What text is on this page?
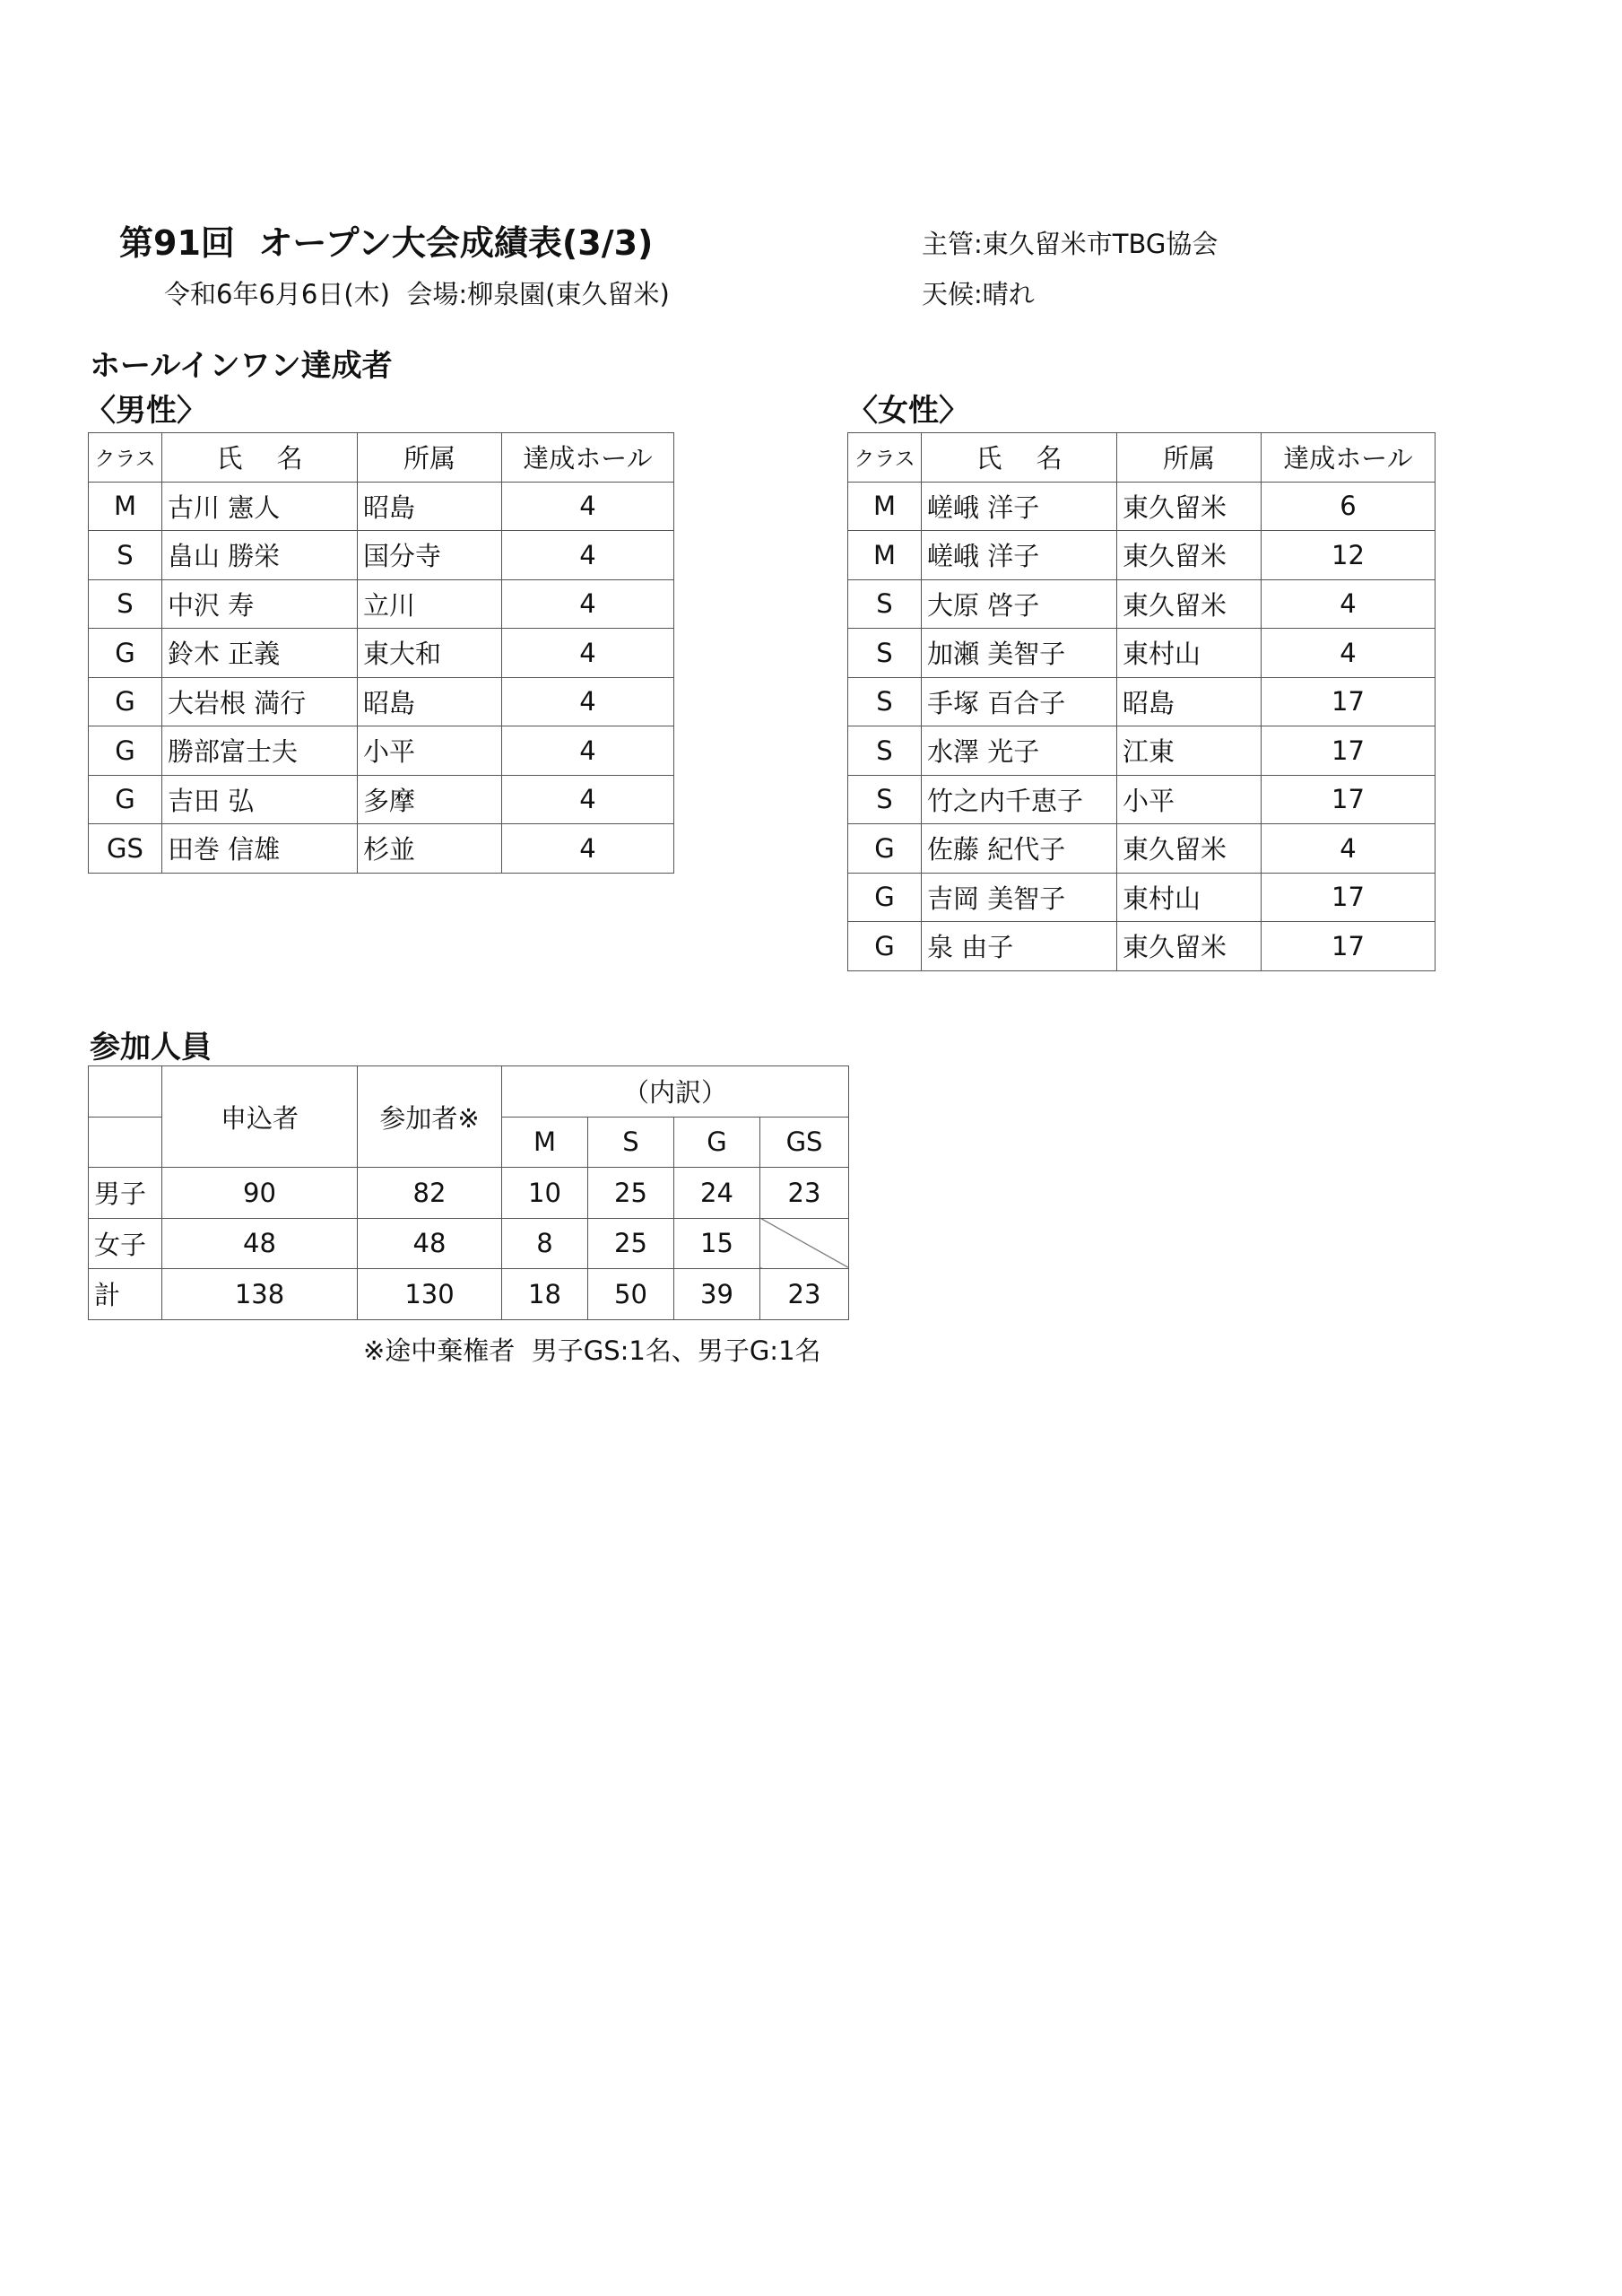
第91回  オープン大会成績表(3/3)
令和6年6月6日(木)  会場:柳泉園(東久留米)
主管:東久留米市TBG協会
天候:晴れ
ホールインワン達成者
〈男性〉	〈女性〉
クラス	氏　 名	所属	達成ホール
M	古川 憲人	昭島	4
S	畠山 勝栄	国分寺	4
S	中沢 寿	立川	4
G	鈴木 正義	東大和	4
G	大岩根 満行	昭島	4
G	勝部富士夫	小平	4
G	吉田 弘	多摩	4
GS	田巻 信雄	杉並	4
クラス	氏　 名	所属	達成ホール
M	嵯峨 洋子	東久留米	6
M	嵯峨 洋子	東久留米	12
S	大原 啓子	東久留米	4
S	加瀬 美智子	東村山	4
S	手塚 百合子	昭島	17
S	水澤 光子	江東	17
S	竹之内千恵子	小平	17
G	佐藤 紀代子	東久留米	4
G	吉岡 美智子	東村山	17
G	泉 由子	東久留米	17
参加人員
	申込者	参加者※	（内訳）			
			M	S	G	GS
男子	90	82	10	25	24	23
女子	48	48	8	25	15	
計	138	130	18	50	39	23
※途中棄権者  男子GS:1名、男子G:1名
